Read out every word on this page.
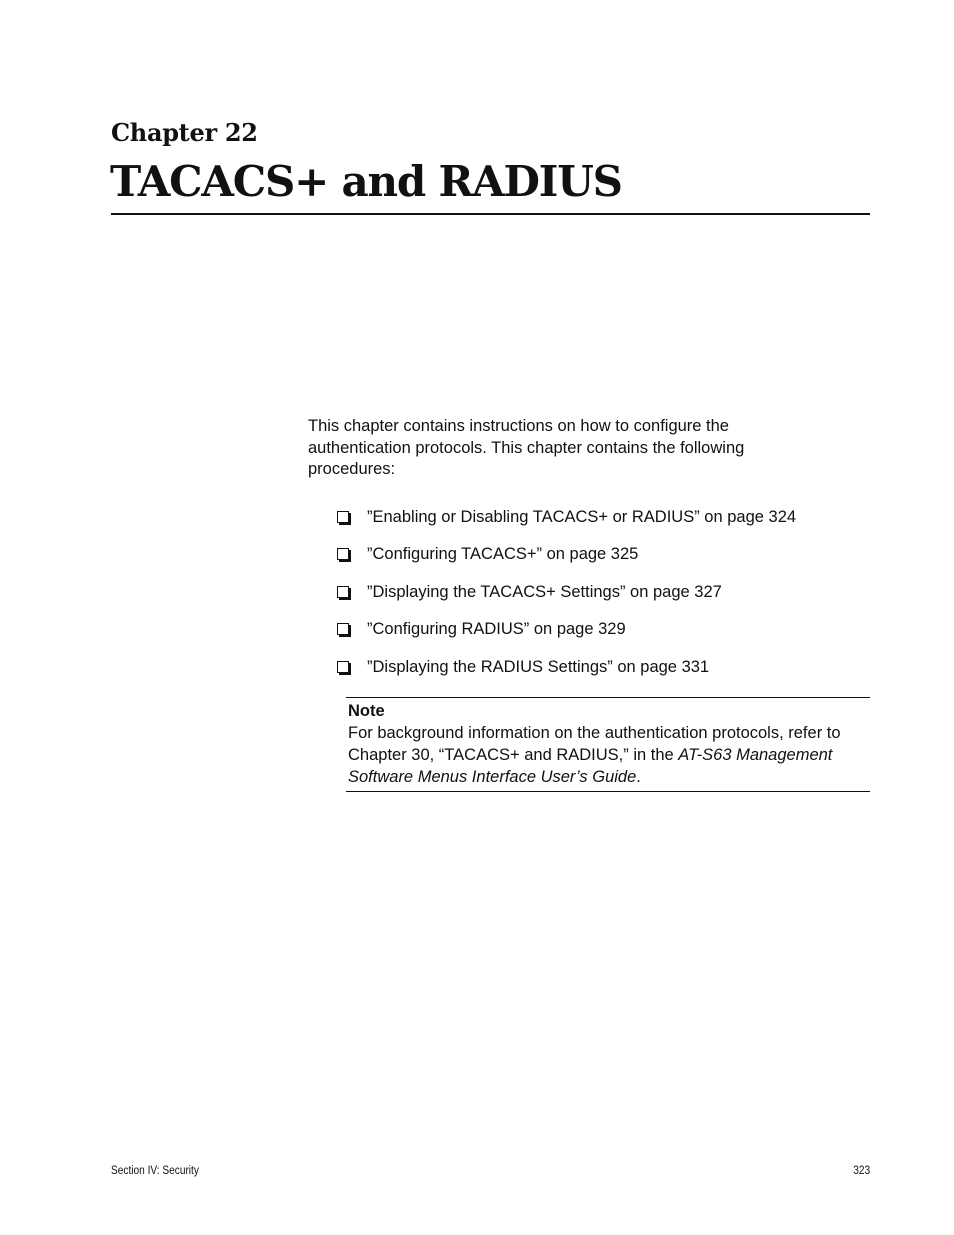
Chapter 22
TACACS+ and RADIUS

This chapter contains instructions on how to configure the authentication protocols. This chapter contains the following procedures:

”Enabling or Disabling TACACS+ or RADIUS” on page 324
”Configuring TACACS+” on page 325
”Displaying the TACACS+ Settings” on page 327
”Configuring RADIUS” on page 329
”Displaying the RADIUS Settings” on page 331
Note
For background information on the authentication protocols, refer to Chapter 30, “TACACS+ and RADIUS,” in the AT-S63 Management Software Menus Interface User’s Guide.
Section IV: Security	323
